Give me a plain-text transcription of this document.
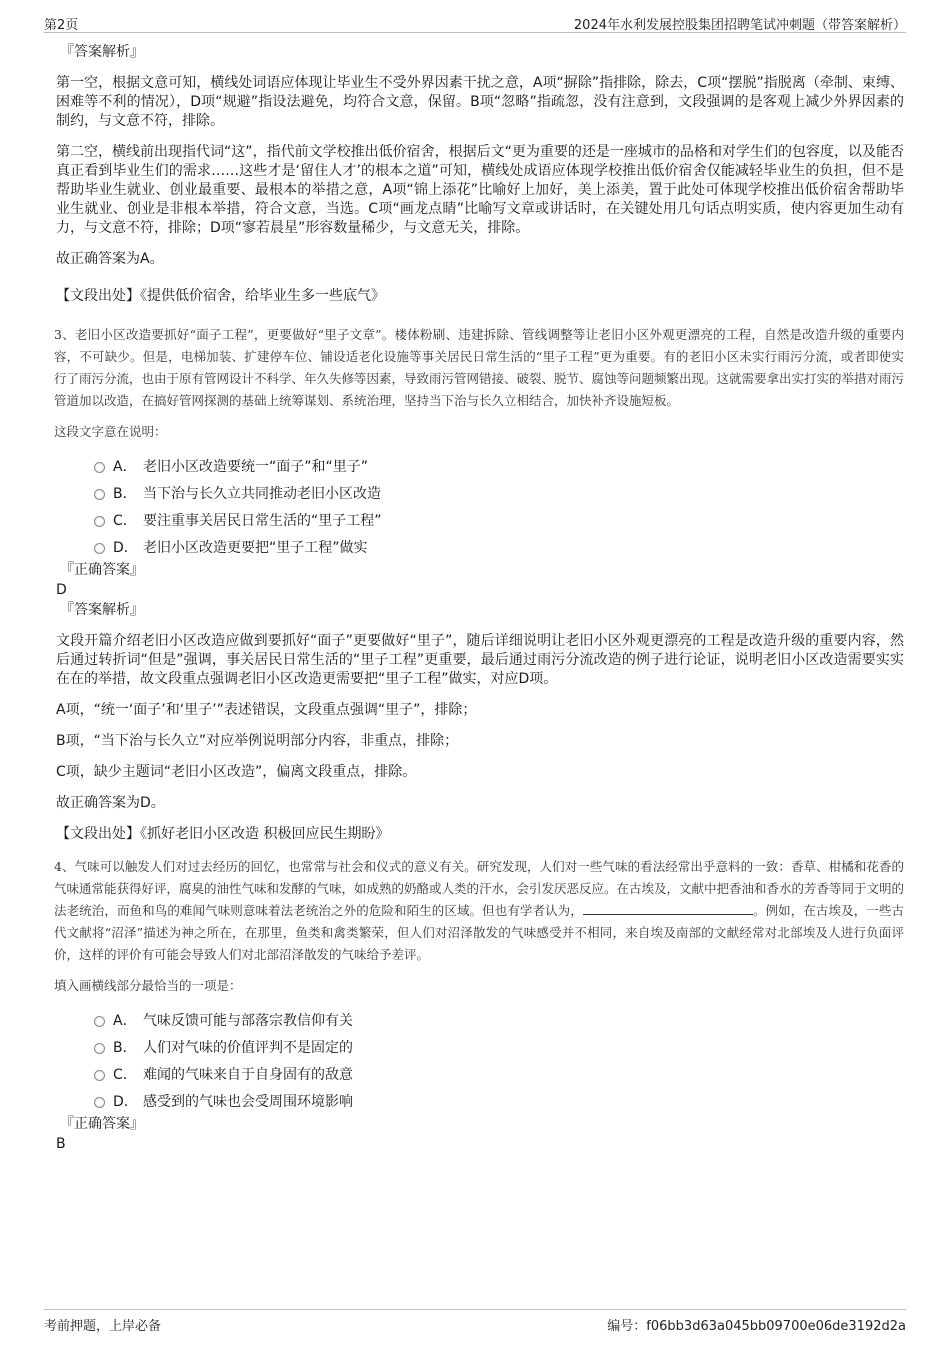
第2页	2024年水利发展控股集团招聘笔试冲刺题（带答案解析）

『答案解析』

第一空，根据文意可知，横线处词语应体现让毕业生不受外界因素干扰之意，A项“摒除”指排除，除去，C项“摆脱”指脱离（牵制、束缚、困难等不利的情况），D项“规避”指设法避免，均符合文意，保留。B项“忽略”指疏忽，没有注意到，文段强调的是客观上减少外界因素的制约，与文意不符，排除。

第二空，横线前出现指代词“这”，指代前文学校推出低价宿舍，根据后文“更为重要的还是一座城市的品格和对学生们的包容度，以及能否真正看到毕业生们的需求……这些才是‘留住人才’的根本之道”可知，横线处成语应体现学校推出低价宿舍仅能减轻毕业生的负担，但不是帮助毕业生就业、创业最重要、最根本的举措之意，A项“锦上添花”比喻好上加好，美上添美，置于此处可体现学校推出低价宿舍帮助毕业生就业、创业是非根本举措，符合文意，当选。C项“画龙点睛”比喻写文章或讲话时，在关键处用几句话点明实质，使内容更加生动有力，与文意不符，排除；D项“寥若晨星”形容数量稀少，与文意无关，排除。

故正确答案为A。

【文段出处】《提供低价宿舍，给毕业生多一些底气》

3、老旧小区改造要抓好“面子工程”，更要做好“里子文章”。楼体粉刷、违建拆除、管线调整等让老旧小区外观更漂亮的工程，自然是改造升级的重要内容，不可缺少。但是，电梯加装、扩建停车位、铺设适老化设施等事关居民日常生活的“里子工程”更为重要。有的老旧小区未实行雨污分流，或者即使实行了雨污分流，也由于原有管网设计不科学、年久失修等因素，导致雨污管网错接、破裂、脱节、腐蚀等问题频繁出现。这就需要拿出实打实的举措对雨污管道加以改造，在搞好管网探测的基础上统筹谋划、系统治理，坚持当下治与长久立相结合，加快补齐设施短板。

这段文字意在说明：

A． 老旧小区改造要统一“面子”和“里子”
B． 当下治与长久立共同推动老旧小区改造
C． 要注重事关居民日常生活的“里子工程”
D． 老旧小区改造更要把“里子工程”做实

『正确答案』

D

『答案解析』

文段开篇介绍老旧小区改造应做到要抓好“面子”更要做好“里子”，随后详细说明让老旧小区外观更漂亮的工程是改造升级的重要内容，然后通过转折词“但是”强调，事关居民日常生活的“里子工程”更重要，最后通过雨污分流改造的例子进行论证，说明老旧小区改造需要实实在在的举措，故文段重点强调老旧小区改造更需要把“里子工程”做实，对应D项。

A项，“统一‘面子’和‘里子’”表述错误，文段重点强调“里子”，排除；

B项，“当下治与长久立”对应举例说明部分内容，非重点，排除；

C项，缺少主题词“老旧小区改造”，偏离文段重点，排除。

故正确答案为D。

【文段出处】《抓好老旧小区改造 积极回应民生期盼》

4、气味可以触发人们对过去经历的回忆，也常常与社会和仪式的意义有关。研究发现，人们对一些气味的看法经常出乎意料的一致：香草、柑橘和花香的气味通常能获得好评，腐臭的油性气味和发酵的气味，如成熟的奶酪或人类的汗水，会引发厌恶反应。在古埃及，文献中把香油和香水的芳香等同于文明的法老统治，而鱼和鸟的难闻气味则意味着法老统治之外的危险和陌生的区域。但也有学者认为，	。例如，在古埃及，一些古代文献将“沼泽”描述为神之所在，在那里，鱼类和禽类繁荣，但人们对沼泽散发的气味感受并不相同，来自埃及南部的文献经常对北部埃及人进行负面评价，这样的评价有可能会导致人们对北部沼泽散发的气味给予差评。

填入画横线部分最恰当的一项是：

A． 气味反馈可能与部落宗教信仰有关
B． 人们对气味的价值评判不是固定的
C． 难闻的气味来自于自身固有的敌意
D． 感受到的气味也会受周围环境影响

『正确答案』

B

考前押题，上岸必备	编号：f06bb3d63a045bb09700e06de3192d2a
